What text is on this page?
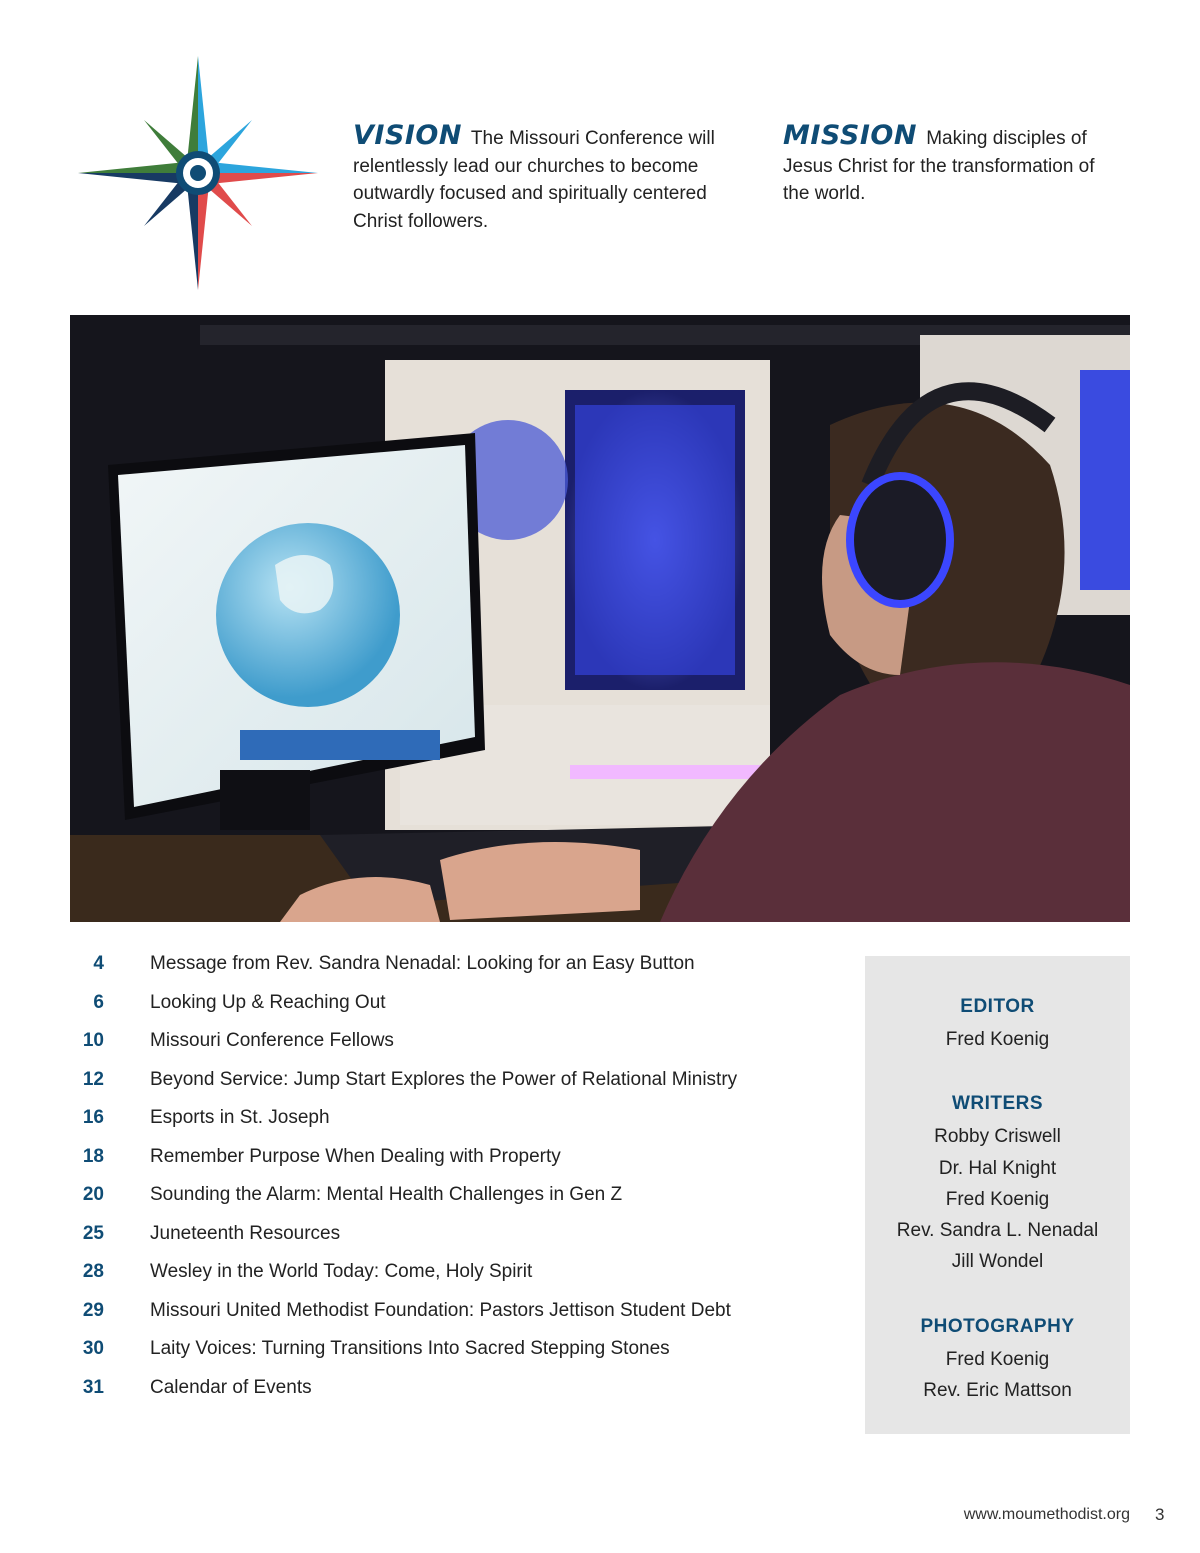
VISION The Missouri Conference will relentlessly lead our churches to become outwardly focused and spiritually centered Christ followers.
MISSION Making disciples of Jesus Christ for the transformation of the world.
4 Message from Rev. Sandra Nenadal: Looking for an Easy Button
6 Looking Up & Reaching Out
10 Missouri Conference Fellows
12 Beyond Service: Jump Start Explores the Power of Relational Ministry
16 Esports in St. Joseph
18 Remember Purpose When Dealing with Property
20 Sounding the Alarm: Mental Health Challenges in Gen Z
25 Juneteenth Resources
28 Wesley in the World Today: Come, Holy Spirit
29 Missouri United Methodist Foundation: Pastors Jettison Student Debt
30 Laity Voices: Turning Transitions Into Sacred Stepping Stones
31 Calendar of Events
EDITOR
Fred Koenig
WRITERS
Robby Criswell
Dr. Hal Knight
Fred Koenig
Rev. Sandra L. Nenadal
Jill Wondel
PHOTOGRAPHY
Fred Koenig
Rev. Eric Mattson
www.moumethodist.org 3
